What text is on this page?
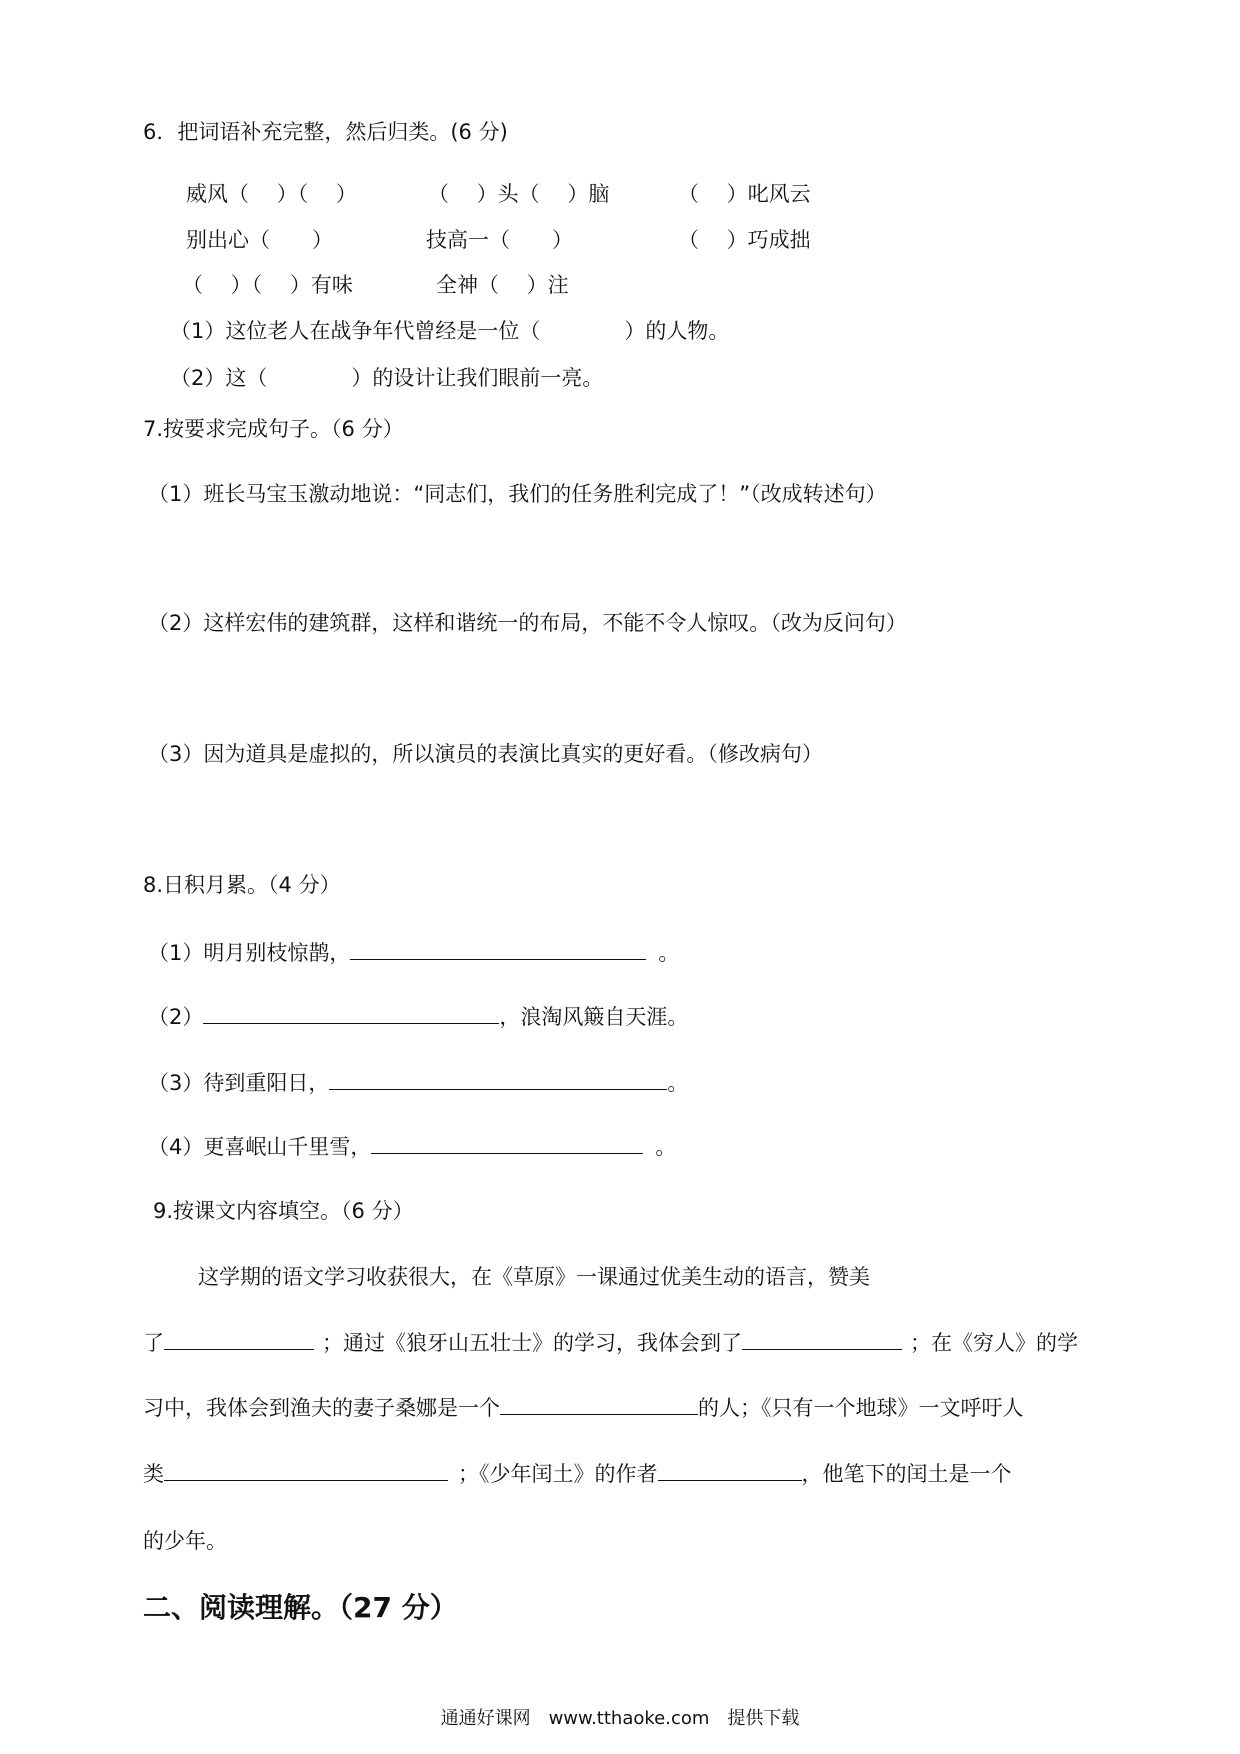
6．把词语补充完整，然后归类。(6 分)
威风（　 ）（　 ）	（　 ）头（　 ）脑	（　 ）叱风云
别出心（　　）	技高一（　　）	（　 ）巧成拙
（　 ）（　 ）有味	全神（　 ）注
（1）这位老人在战争年代曾经是一位（　　　　）的人物。
（2）这（　　　　）的设计让我们眼前一亮。
7.按要求完成句子。（6 分）
（1）班长马宝玉激动地说：“同志们，我们的任务胜利完成了！”（改成转述句）
（2）这样宏伟的建筑群，这样和谐统一的布局，不能不令人惊叹。（改为反问句）
（3）因为道具是虚拟的，所以演员的表演比真实的更好看。（修改病句）
8.日积月累。（4 分）
（1）明月别枝惊鹊，	。
（2）	，浪淘风簸自天涯。
（3）待到重阳日，	。
（4）更喜岷山千里雪，	。
9.按课文内容填空。（6 分）
这学期的语文学习收获很大，在《草原》一课通过优美生动的语言，赞美
了	；通过《狼牙山五壮士》的学习，我体会到了	；在《穷人》的学
习中，我体会到渔夫的妻子桑娜是一个	的人；《只有一个地球》一文呼吁人
类	；《少年闰土》的作者	，他笔下的闰土是一个
的少年。
二、阅读理解。（27 分）
通通好课网　www.tthaoke.com　提供下载
